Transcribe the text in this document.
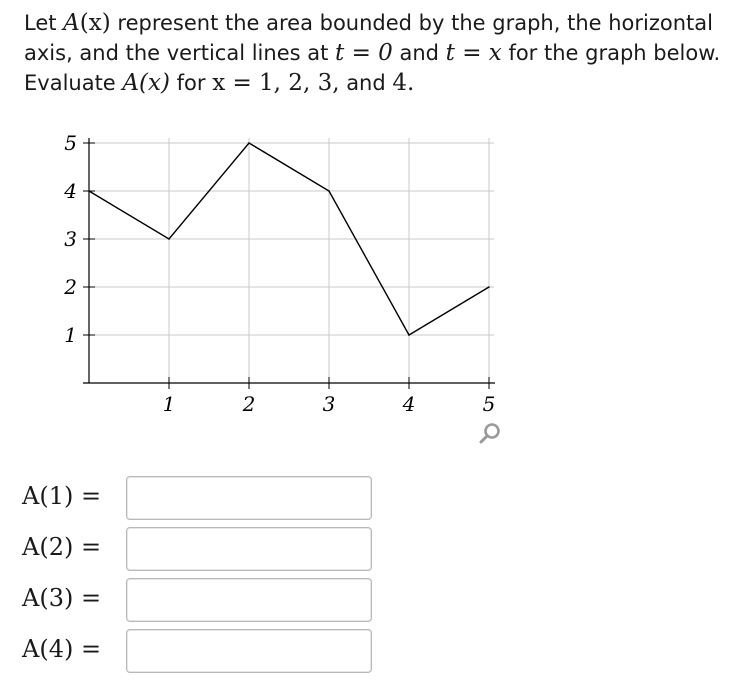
Let A(x) represent the area bounded by the graph, the horizontal

axis, and the vertical lines at t = 0 and t = x for the graph below.

Evaluate A(x) for x = 1, 2, 3, and 4.

1	2	3	4	5
1
2
3
4
5
A(1) =
A(2) =
A(3) =
A(4) =
